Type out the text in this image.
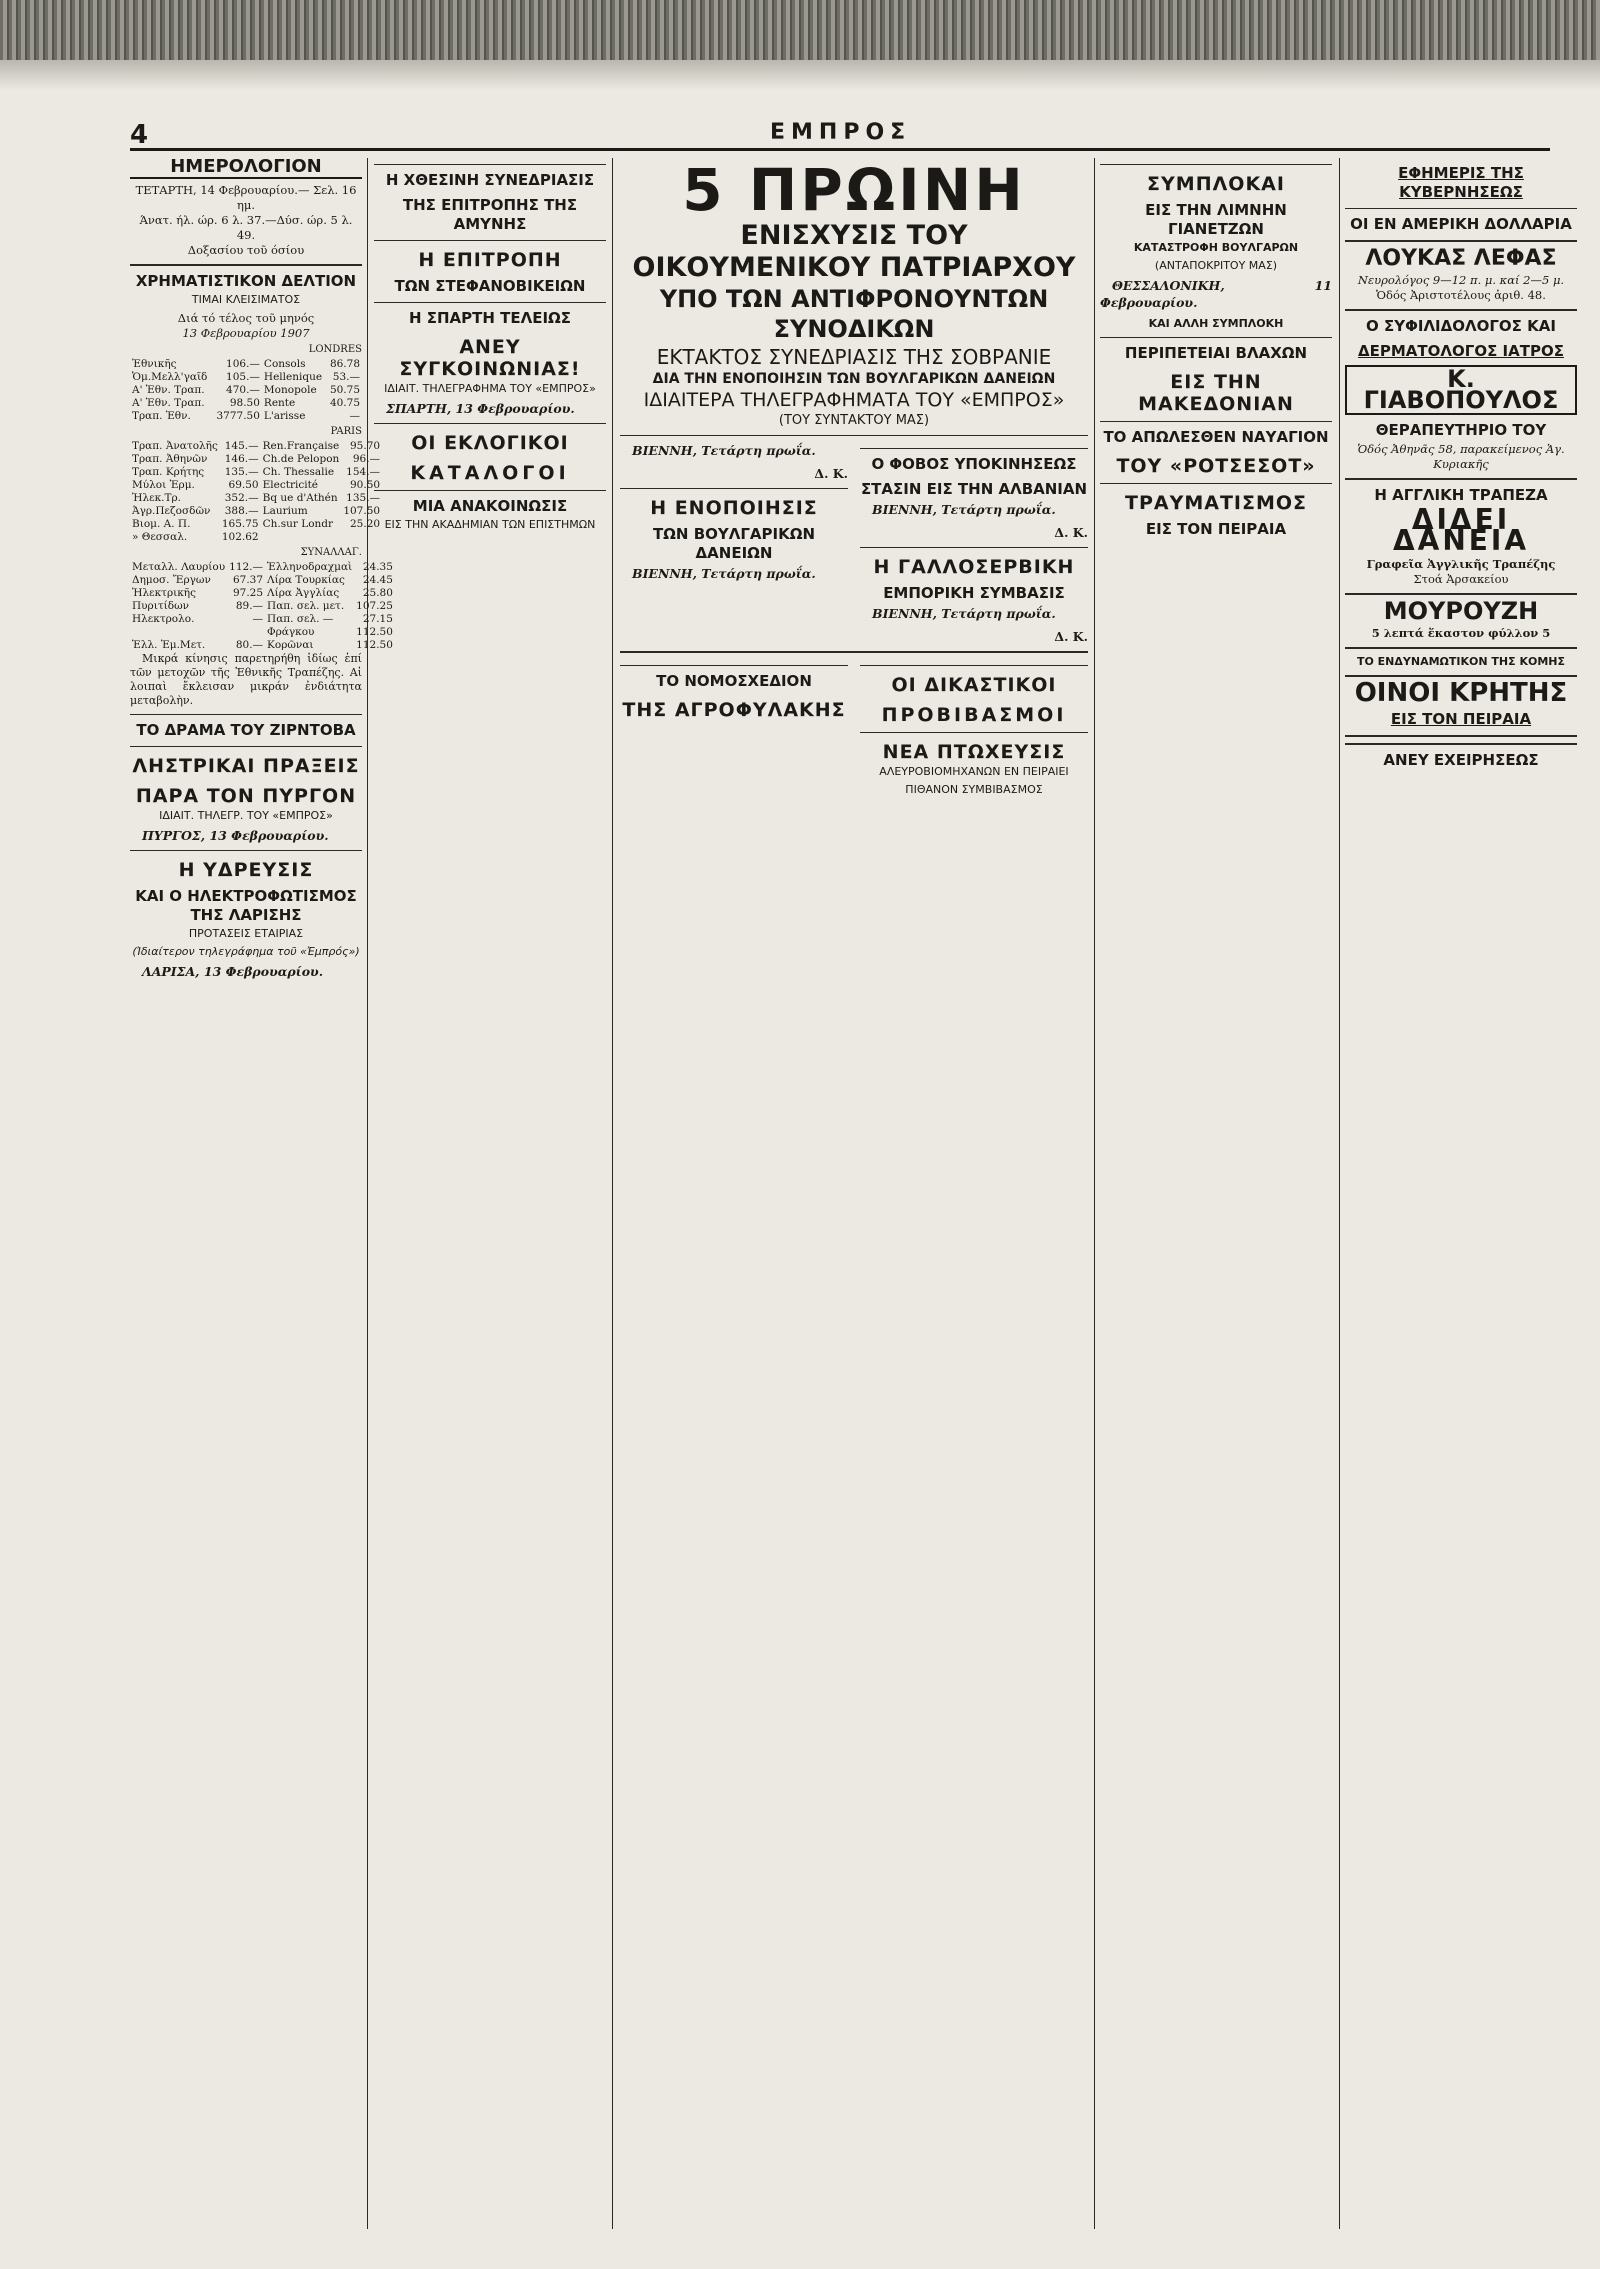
4	ΕΜΠΡΟΣ
ΗΜΕΡΟΛΟΓΙΟΝ
ΤΕΤΑΡΤΗ, 14 Φεβρουαρίου.— Σελ. 16 ημ.
Άνατ. ήλ. ώρ. 6 λ. 37.—Δύσ. ώρ. 5 λ. 49.
Δοξασίου τοῦ όσίου
ΧΡΗΜΑΤΙΣΤΙΚΟΝ ΔΕΛΤΙΟΝ
ΤΙΜΑΙ ΚΛΕΙΣΙΜΑΤΟΣ
Διά τό τέλος τοῦ μηνός
13 Φεβρουαρίου 1907
LONDRES
Ἐθνικῆς	106.—	Consols	86.78
Ὁμ.Μελλ'γαῖδ	105.—	Hellenique	53.—
Α' Ἐθν. Τραπ.	470.—	Monopole	50.75
Α' Ἐθν. Τραπ.	98.50	Rente	40.75
Τραπ. Ἐθν.	3777.50	L'arisse	—
PARIS
Τραπ. Ἀνατολῆς	145.—	Ren.Française	95.70
Τραπ. Ἀθηνῶν	146.—	Ch.de Pelopon	96.—
Τραπ. Κρήτης	135.—	Ch. Thessalie	154.—
Μύλοι Ἐρμ.	69.50	Electricité	90.50
Ἠλεκ.Τρ.	352.—	Bq ue d'Athén	135.—
Ἀγρ.Πεζοσδῶν	388.—	Laurium	107.50
Βιομ. Α. Π.	165.75	Ch.sur Londr	25.20
» Θεσσαλ.	102.62		
ΣΥΝΑΛΛΑΓ.
Μεταλλ. Λαυρίου	112.—	Ἑλληνοδραχμαὶ	24.35
Δημοσ. Ἔργων	67.37	Λίρα Τουρκίας	24.45
Ἠλεκτρικῆς	97.25	Λίρα Ἀγγλίας	25.80
Πυριτίδων	89.—	Παπ. σελ. μετ.	107.25
Ηλεκτρολο.	—	Παπ. σελ. —	27.15
		Φράγκου	112.50
Ἑλλ. Ἐμ.Μετ.	80.—	Κορῶναι	112.50

Μικρά κίνησις παρετηρήθη ἰδίως ἐπί τῶν μετοχῶν τῆς Ἐθνικῆς Τραπέζης. Αἱ λοιπαὶ ἔκλεισαν μικράν ἐνδιάτητα μεταβολὴν.

ΤΟ ΔΡΑΜΑ ΤΟΥ ΖΙΡΝΤΟΒΑ
ΛΗΣΤΡΙΚΑΙ ΠΡΑΞΕΙΣ
ΠΑΡΑ ΤΟΝ ΠΥΡΓΟΝ
ΙΔΙΑΙΤ. ΤΗΛΕΓΡ. ΤΟΥ «ΕΜΠΡΟΣ»

ΠΥΡΓΟΣ, 13 Φεβρουαρίου.

Η ΥΔΡΕΥΣΙΣ
ΚΑΙ Ο ΗΛΕΚΤΡΟΦΩΤΙΣΜΟΣ ΤΗΣ ΛΑΡΙΣΗΣ
ΠΡΟΤΑΣΕΙΣ ΕΤΑΙΡΙΑΣ
(Ἰδιαίτερον τηλεγράφημα τοῦ «Ἐμπρός»)

ΛΑΡΙΣΑ, 13 Φεβρουαρίου.

Η ΧΘΕΣΙΝΗ ΣΥΝΕΔΡΙΑΣΙΣ
ΤΗΣ ΕΠΙΤΡΟΠΗΣ ΤΗΣ ΑΜΥΝΗΣ

Η ΕΠΙΤΡΟΠΗ
ΤΩΝ ΣΤΕΦΑΝΟΒΙΚΕΙΩΝ

Η ΣΠΑΡΤΗ ΤΕΛΕΙΩΣ
ΑΝΕΥ ΣΥΓΚΟΙΝΩΝΙΑΣ!
ΙΔΙΑΙΤ. ΤΗΛΕΓΡΑΦΗΜΑ ΤΟΥ «ΕΜΠΡΟΣ»

ΣΠΑΡΤΗ, 13 Φεβρουαρίου.

ΟΙ ΕΚΛΟΓΙΚΟΙ
ΚΑΤΑΛΟΓΟΙ

ΜΙΑ ΑΝΑΚΟΙΝΩΣΙΣ
ΕΙΣ ΤΗΝ ΑΚΑΔΗΜΙΑΝ ΤΩΝ ΕΠΙΣΤΗΜΩΝ

5 ΠΡΩΙΝΗ
ΕΝΙΣΧΥΣΙΣ ΤΟΥ ΟΙΚΟΥΜΕΝΙΚΟΥ ΠΑΤΡΙΑΡΧΟΥ
ΥΠΟ ΤΩΝ ΑΝΤΙΦΡΟΝΟΥΝΤΩΝ ΣΥΝΟΔΙΚΩΝ
ΕΚΤΑΚΤΟΣ ΣΥΝΕΔΡΙΑΣΙΣ ΤΗΣ ΣΟΒΡΑΝΙΕ
ΔΙΑ ΤΗΝ ΕΝΟΠΟΙΗΣΙΝ ΤΩΝ ΒΟΥΛΓΑΡΙΚΩΝ ΔΑΝΕΙΩΝ
ΙΔΙΑΙΤΕΡΑ ΤΗΛΕΓΡΑΦΗΜΑΤΑ ΤΟΥ «ΕΜΠΡΟΣ»
(ΤΟΥ ΣΥΝΤΑΚΤΟΥ ΜΑΣ)

ΒΙΕΝΝΗ, Τετάρτη πρωΐα.

Δ. Κ.
Η ΕΝΟΠΟΙΗΣΙΣ
ΤΩΝ ΒΟΥΛΓΑΡΙΚΩΝ ΔΑΝΕΙΩΝ

ΒΙΕΝΝΗ, Τετάρτη πρωΐα.

Ο ΦΟΒΟΣ ΥΠΟΚΙΝΗΣΕΩΣ
ΣΤΑΣΙΝ ΕΙΣ ΤΗΝ ΑΛΒΑΝΙΑΝ

ΒΙΕΝΝΗ, Τετάρτη πρωΐα.

Δ. Κ.
Η ΓΑΛΛΟΣΕΡΒΙΚΗ
ΕΜΠΟΡΙΚΗ ΣΥΜΒΑΣΙΣ

ΒΙΕΝΝΗ, Τετάρτη πρωΐα.

Δ. Κ.

ΤΟ ΝΟΜΟΣΧΕΔΙΟΝ
ΤΗΣ ΑΓΡΟΦΥΛΑΚΗΣ

ΟΙ ΔΙΚΑΣΤΙΚΟΙ
ΠΡΟΒΙΒΑΣΜΟΙ

ΝΕΑ ΠΤΩΧΕΥΣΙΣ
ΑΛΕΥΡΟΒΙΟΜΗΧΑΝΩΝ ΕΝ ΠΕΙΡΑΙΕΙ
ΠΙΘΑΝΟΝ ΣΥΜΒΙΒΑΣΜΟΣ

ΣΥΜΠΛΟΚΑΙ
ΕΙΣ ΤΗΝ ΛΙΜΝΗΝ ΓΙΑΝΕΤΖΩΝ
ΚΑΤΑΣΤΡΟΦΗ ΒΟΥΛΓΑΡΩΝ
(ΑΝΤΑΠΟΚΡΙΤΟΥ ΜΑΣ)

ΘΕΣΣΑΛΟΝΙΚΗ, 11 Φεβρουαρίου.

ΚΑΙ ΑΛΛΗ ΣΥΜΠΛΟΚΗ

ΠΕΡΙΠΕΤΕΙΑΙ ΒΛΑΧΩΝ
ΕΙΣ ΤΗΝ ΜΑΚΕΔΟΝΙΑΝ

ΤΟ ΑΠΩΛΕΣΘΕΝ ΝΑΥΑΓΙΟΝ
ΤΟΥ «ΡΟΤΣΕΣΟΤ»

ΤΡΑΥΜΑΤΙΣΜΟΣ
ΕΙΣ ΤΟΝ ΠΕΙΡΑΙΑ

ΕΦΗΜΕΡΙΣ ΤΗΣ ΚΥΒΕΡΝΗΣΕΩΣ

ΟΙ ΕΝ ΑΜΕΡΙΚΗ ΔΟΛΛΑΡΙΑ

ΛΟΥΚΑΣ ΛΕΦΑΣ
Νευρολόγος 9—12 π. μ. καί 2—5 μ.
Ὁδός Ἀριστοτέλους ἀριθ. 48.

Ο ΣΥΦΙΛΙΔΟΛΟΓΟΣ ΚΑΙ
ΔΕΡΜΑΤΟΛΟΓΟΣ ΙΑΤΡΟΣ
Κ. ΓΙΑΒΟΠΟΥΛΟΣ

ΘΕΡΑΠΕΥΤΗΡΙΟ ΤΟΥ
Ὁδός Ἀθηνᾶς 58, παρακείμενος Ἁγ. Κυριακῆς
Η ΑΓΓΛΙΚΗ ΤΡΑΠΕΖΑ
ΔΙΔΕΙ ΔΑΝΕΙΑ

Γραφεῖα Ἀγγλικῆς Τραπέζης
Στοά Ἀρσακείου

ΜΟΥΡΟΥΖΗ
5 λεπτά ἕκαστον φύλλον 5
ΤΟ ΕΝΔΥΝΑΜΩΤΙΚΟΝ ΤΗΣ ΚΟΜΗΣ

ΟΙΝΟΙ ΚΡΗΤΗΣ
ΕΙΣ ΤΟΝ ΠΕΙΡΑΙΑ

ΑΝΕΥ ΕΧΕΙΡΗΣΕΩΣ
